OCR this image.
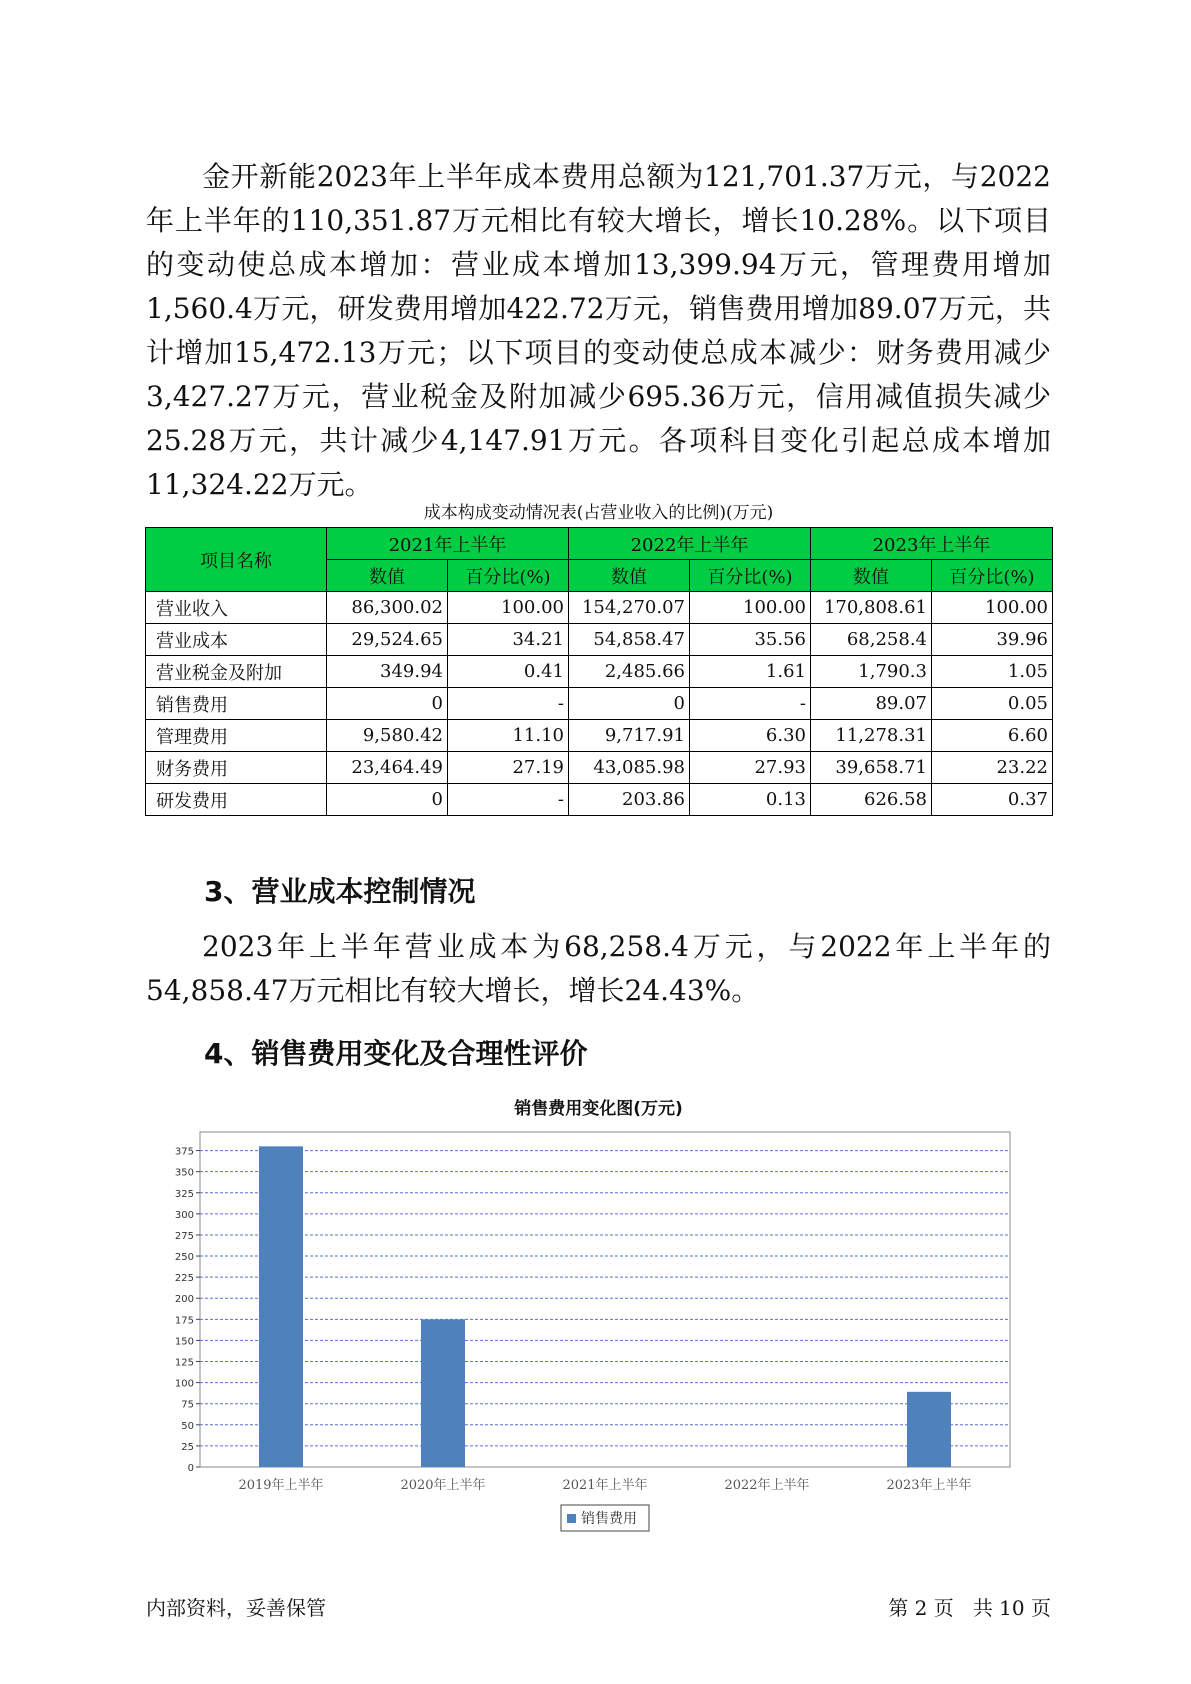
金开新能2023年上半年成本费用总额为121,701.37万元，与2022年上半年的110,351.87万元相比有较大增长，增长10.28%。以下项目的变动使总成本增加：营业成本增加13,399.94万元，管理费用增加1,560.4万元，研发费用增加422.72万元，销售费用增加89.07万元，共计增加15,472.13万元；以下项目的变动使总成本减少：财务费用减少3,427.27万元，营业税金及附加减少695.36万元，信用减值损失减少25.28万元，共计减少4,147.91万元。各项科目变化引起总成本增加11,324.22万元。

成本构成变动情况表(占营业收入的比例)(万元)
项目名称	2021年上半年		2022年上半年		2023年上半年	
	数值	百分比(%)	数值	百分比(%)	数值	百分比(%)
营业收入	86,300.02	100.00	154,270.07	100.00	170,808.61	100.00
营业成本	29,524.65	34.21	54,858.47	35.56	68,258.4	39.96
营业税金及附加	349.94	0.41	2,485.66	1.61	1,790.3	1.05
销售费用	0	-	0	-	89.07	0.05
管理费用	9,580.42	11.10	9,717.91	6.30	11,278.31	6.60
财务费用	23,464.49	27.19	43,085.98	27.93	39,658.71	23.22
研发费用	0	-	203.86	0.13	626.58	0.37
3、营业成本控制情况

2023年上半年营业成本为68,258.4万元，与2022年上半年的54,858.47万元相比有较大增长，增长24.43%。

4、销售费用变化及合理性评价
销售费用变化图(万元)
0
25
50
75
100
125
150
175
200
225
250
275
300
325
350
375
2019年上半年	2020年上半年	2021年上半年	2022年上半年	2023年上半年
销售费用
内部资料，妥善保管	第 2 页   共 10 页
